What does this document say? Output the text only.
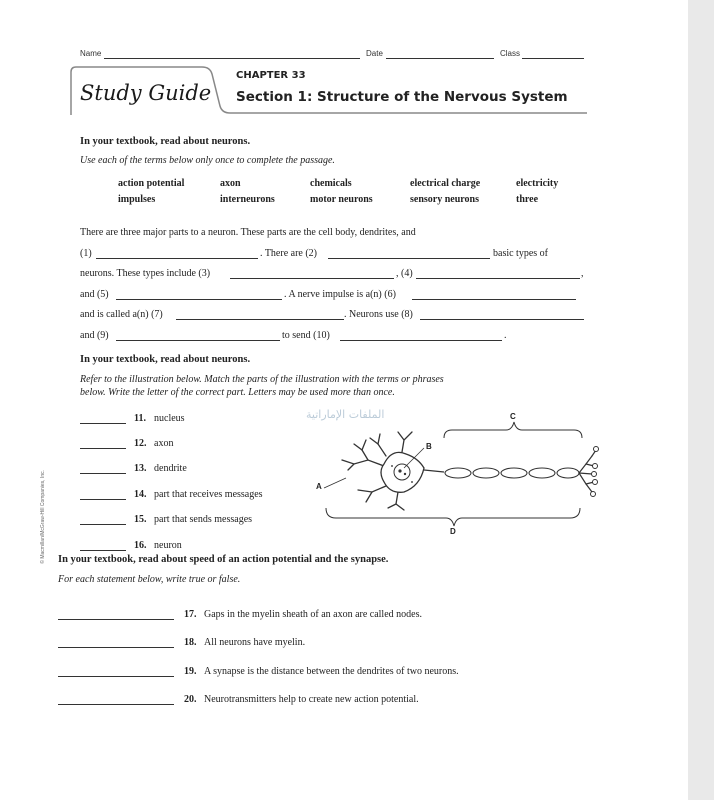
Name	Date	Class
Study Guide
CHAPTER 33
Section 1: Structure of the Nervous System
In your textbook, read about neurons.
Use each of the terms below only once to complete the passage.
action potential	axon	chemicals	electrical charge	electricity
impulses	interneurons	motor neurons	sensory neurons	three
There are three major parts to a neuron. These parts are the cell body, dendrites, and
(1)	. There are (2)	basic types of
neurons. These types include (3)	, (4)	,
and (5)	. A nerve impulse is a(n) (6)
and is called a(n) (7)	. Neurons use (8)
and (9)	to send (10)	.
In your textbook, read about neurons.
Refer to the illustration below. Match the parts of the illustration with the terms or phrases
below. Write the letter of the correct part. Letters may be used more than once.
الملفات الإماراتية
11. nucleus
12. axon
13. dendrite
14. part that receives messages
15. part that sends messages
16. neuron
A
B
C
D
© Macmillan/McGraw-Hill Companies, Inc. In your textbook, read about speed of an action potential and the synapse.
For each statement below, write true or false.
17. Gaps in the myelin sheath of an axon are called nodes.
18. All neurons have myelin.
19. A synapse is the distance between the dendrites of two neurons.
20. Neurotransmitters help to create new action potential.
